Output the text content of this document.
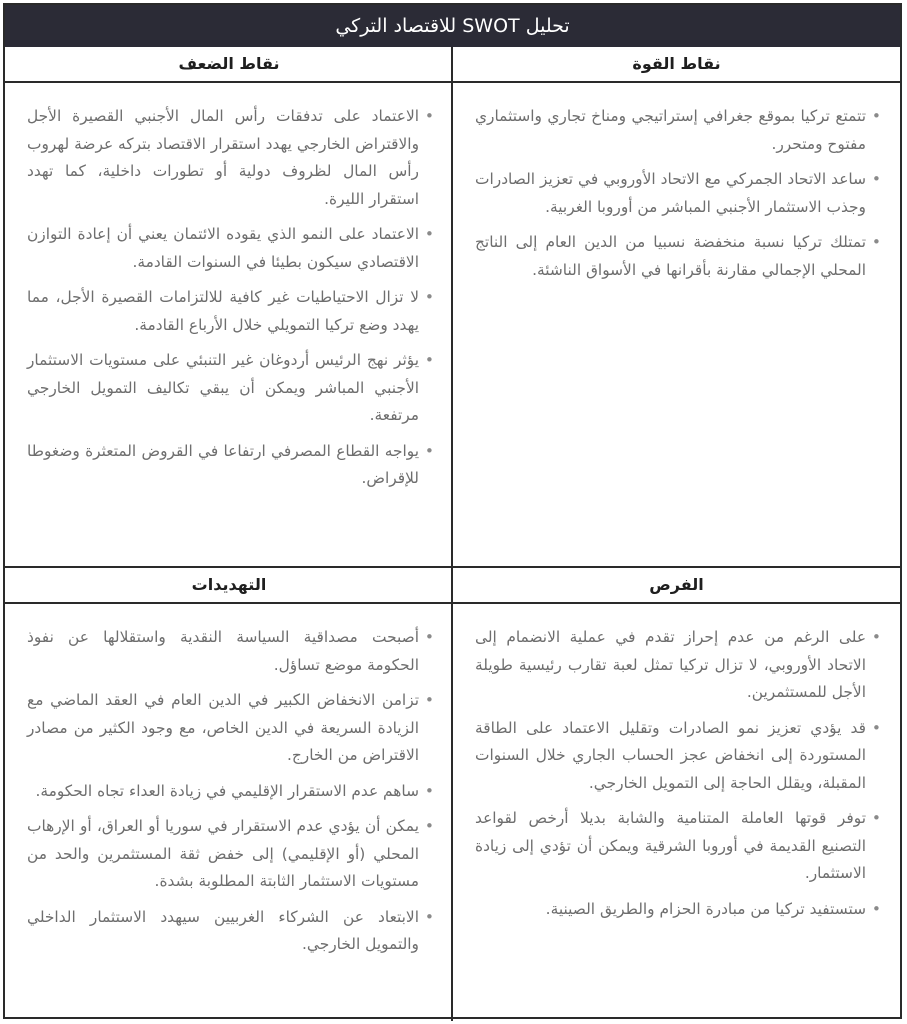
تحليل SWOT للاقتصاد التركي
نقاط القوة
• تتمتع تركيا بموقع جغرافي إستراتيجي ومناخ تجاري واستثماري مفتوح ومتحرر.
• ساعد الاتحاد الجمركي مع الاتحاد الأوروبي في تعزيز الصادرات وجذب الاستثمار الأجنبي المباشر من أوروبا الغربية.
• تمتلك تركيا نسبة منخفضة نسبيا من الدين العام إلى الناتج المحلي الإجمالي مقارنة بأقرانها في الأسواق الناشئة.
نقاط الضعف
• الاعتماد على تدفقات رأس المال الأجنبي القصيرة الأجل والاقتراض الخارجي يهدد استقرار الاقتصاد بتركه عرضة لهروب رأس المال لظروف دولية أو تطورات داخلية، كما تهدد استقرار الليرة.
• الاعتماد على النمو الذي يقوده الائتمان يعني أن إعادة التوازن الاقتصادي سيكون بطيئا في السنوات القادمة.
• لا تزال الاحتياطيات غير كافية للالتزامات القصيرة الأجل، مما يهدد وضع تركيا التمويلي خلال الأرباع القادمة.
• يؤثر نهج الرئيس أردوغان غير التنبئي على مستويات الاستثمار الأجنبي المباشر ويمكن أن يبقي تكاليف التمويل الخارجي مرتفعة.
• يواجه القطاع المصرفي ارتفاعا في القروض المتعثرة وضغوطا للإقراض.
الفرص
• على الرغم من عدم إحراز تقدم في عملية الانضمام إلى الاتحاد الأوروبي، لا تزال تركيا تمثل لعبة تقارب رئيسية طويلة الأجل للمستثمرين.
• قد يؤدي تعزيز نمو الصادرات وتقليل الاعتماد على الطاقة المستوردة إلى انخفاض عجز الحساب الجاري خلال السنوات المقبلة، ويقلل الحاجة إلى التمويل الخارجي.
• توفر قوتها العاملة المتنامية والشابة بديلا أرخص لقواعد التصنيع القديمة في أوروبا الشرقية ويمكن أن تؤدي إلى زيادة الاستثمار.
• ستستفيد تركيا من مبادرة الحزام والطريق الصينية.
التهديدات
• أصبحت مصداقية السياسة النقدية واستقلالها عن نفوذ الحكومة موضع تساؤل.
• تزامن الانخفاض الكبير في الدين العام في العقد الماضي مع الزيادة السريعة في الدين الخاص، مع وجود الكثير من مصادر الاقتراض من الخارج.
• ساهم عدم الاستقرار الإقليمي في زيادة العداء تجاه الحكومة.
• يمكن أن يؤدي عدم الاستقرار في سوريا أو العراق، أو الإرهاب المحلي (أو الإقليمي) إلى خفض ثقة المستثمرين والحد من مستويات الاستثمار الثابتة المطلوبة بشدة.
• الابتعاد عن الشركاء الغربيين سيهدد الاستثمار الداخلي والتمويل الخارجي.
